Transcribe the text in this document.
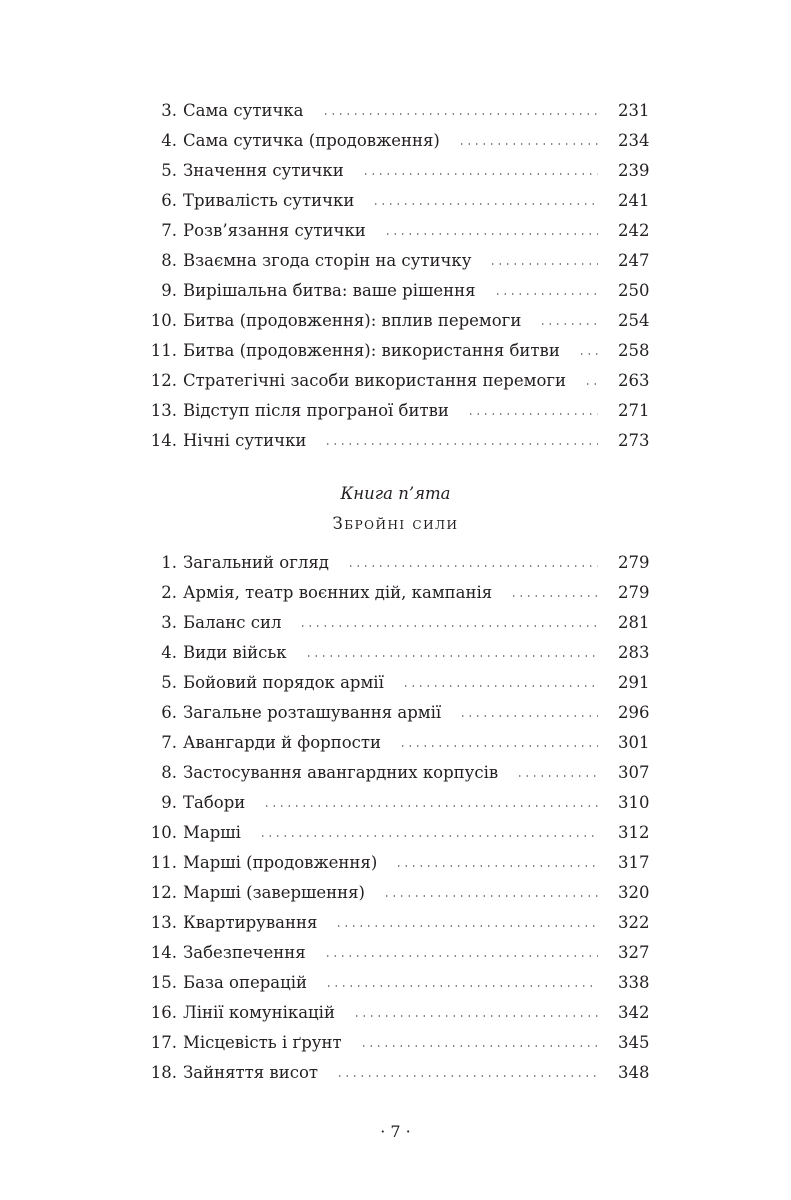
3. Сама сутичка	231
4. Сама сутичка (продовження)	234
5. Значення сутички	239
6. Тривалість сутички	241
7. Розв’язання сутички	242
8. Взаємна згода сторін на сутичку	247
9. Вирішальна битва: ваше рішення	250
10. Битва (продовження): вплив перемоги	254
11. Битва (продовження): використання битви	258
12. Стратегічні засоби використання перемоги	263
13. Відступ після програної битви	271
14. Нічні сутички	273
Книга п’ята
Збройні сили
1. Загальний огляд	279
2. Армія, театр воєнних дій, кампанія	279
3. Баланс сил	281
4. Види військ	283
5. Бойовий порядок армії	291
6. Загальне розташування армії	296
7. Авангарди й форпости	301
8. Застосування авангардних корпусів	307
9. Табори	310
10. Марші	312
11. Марші (продовження)	317
12. Марші (завершення)	320
13. Квартирування	322
14. Забезпечення	327
15. База операцій	338
16. Лінії комунікацій	342
17. Місцевість і ґрунт	345
18. Зайняття висот	348
· 7 ·
